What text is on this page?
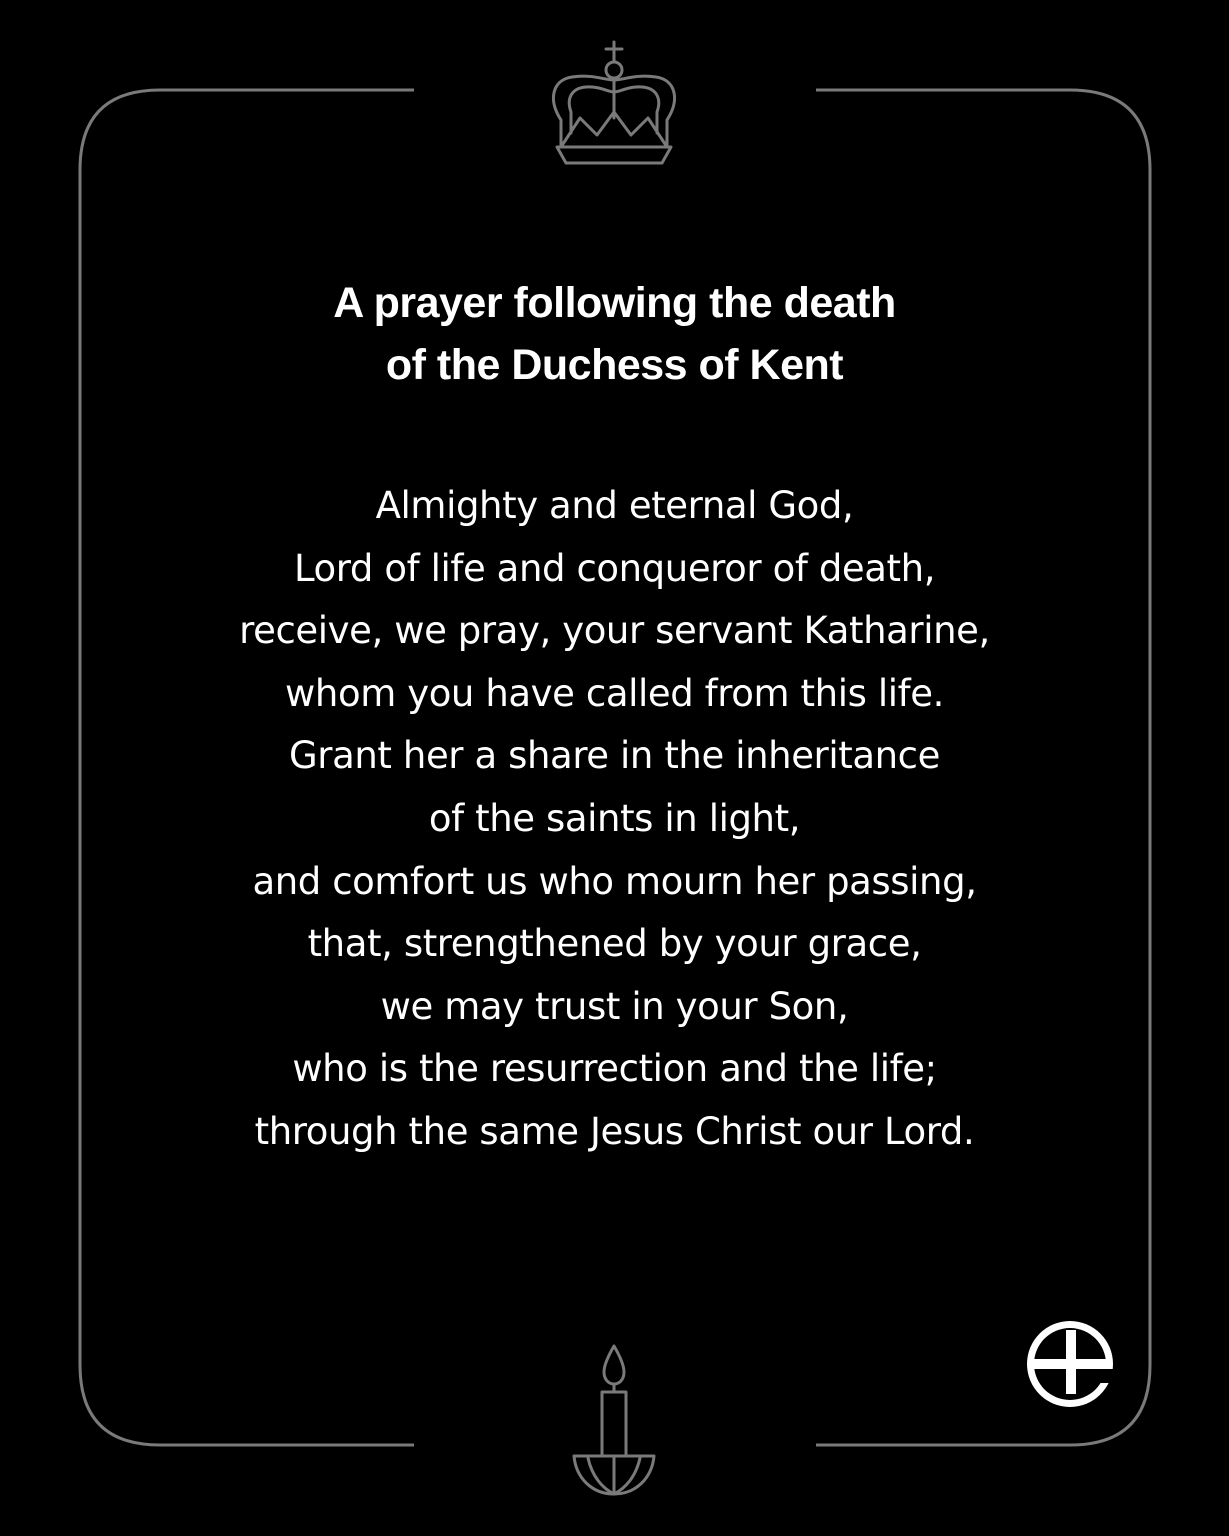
A prayer following the death
of the Duchess of Kent
Almighty and eternal God,
Lord of life and conqueror of death,
receive, we pray, your servant Katharine,
whom you have called from this life.
Grant her a share in the inheritance
of the saints in light,
and comfort us who mourn her passing,
that, strengthened by your grace,
we may trust in your Son,
who is the resurrection and the life;
through the same Jesus Christ our Lord.
